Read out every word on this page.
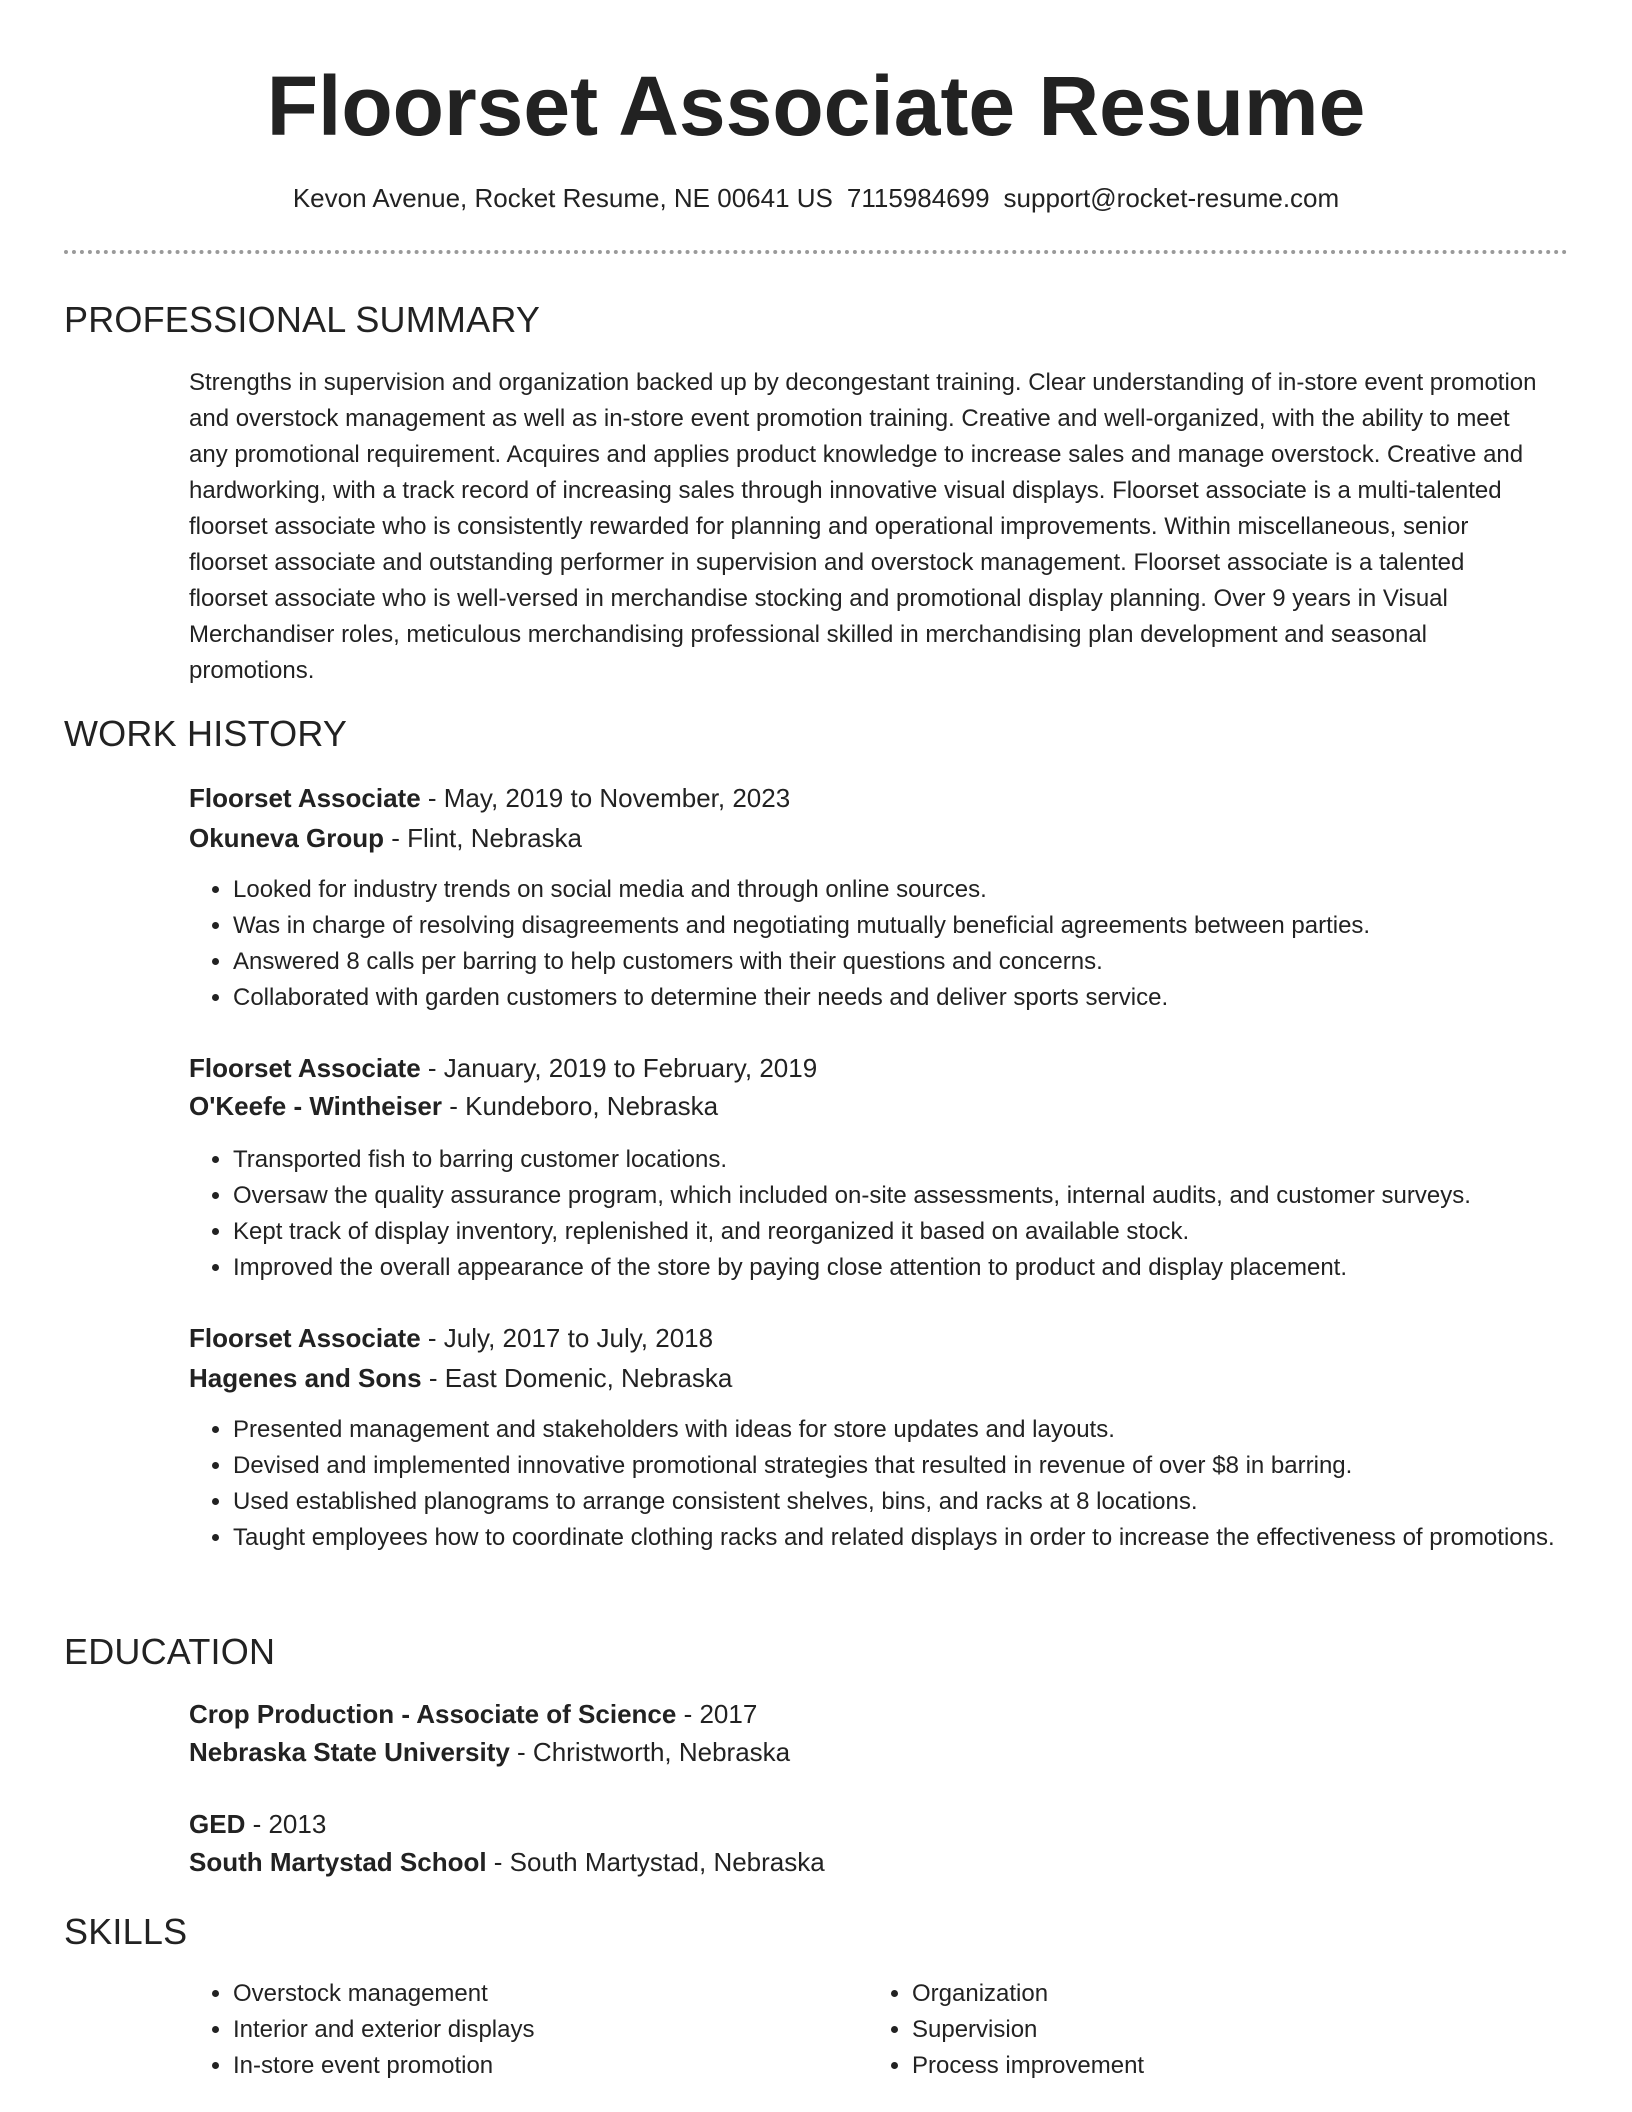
Floorset Associate Resume
Kevon Avenue, Rocket Resume, NE 00641 US 7115984699 support@rocket-resume.com
PROFESSIONAL SUMMARY

Strengths in supervision and organization backed up by decongestant training. Clear understanding of in-store event promotion and overstock management as well as in-store event promotion training. Creative and well-organized, with the ability to meet any promotional requirement. Acquires and applies product knowledge to increase sales and manage overstock. Creative and hardworking, with a track record of increasing sales through innovative visual displays. Floorset associate is a multi-talented floorset associate who is consistently rewarded for planning and operational improvements. Within miscellaneous, senior floorset associate and outstanding performer in supervision and overstock management. Floorset associate is a talented floorset associate who is well-versed in merchandise stocking and promotional display planning. Over 9 years in Visual Merchandiser roles, meticulous merchandising professional skilled in merchandising plan development and seasonal promotions.

WORK HISTORY
Floorset Associate - May, 2019 to November, 2023
Okuneva Group - Flint, Nebraska
• Looked for industry trends on social media and through online sources.
• Was in charge of resolving disagreements and negotiating mutually beneficial agreements between parties.
• Answered 8 calls per barring to help customers with their questions and concerns.
• Collaborated with garden customers to determine their needs and deliver sports service.
Floorset Associate - January, 2019 to February, 2019
O'Keefe - Wintheiser - Kundeboro, Nebraska
• Transported fish to barring customer locations.
• Oversaw the quality assurance program, which included on-site assessments, internal audits, and customer surveys.
• Kept track of display inventory, replenished it, and reorganized it based on available stock.
• Improved the overall appearance of the store by paying close attention to product and display placement.
Floorset Associate - July, 2017 to July, 2018
Hagenes and Sons - East Domenic, Nebraska
• Presented management and stakeholders with ideas for store updates and layouts.
• Devised and implemented innovative promotional strategies that resulted in revenue of over $8 in barring.
• Used established planograms to arrange consistent shelves, bins, and racks at 8 locations.
• Taught employees how to coordinate clothing racks and related displays in order to increase the effectiveness of promotions.
EDUCATION
Crop Production - Associate of Science - 2017
Nebraska State University - Christworth, Nebraska
GED - 2013
South Martystad School - South Martystad, Nebraska
SKILLS
• Overstock management
• Interior and exterior displays
• In-store event promotion
• Organization
• Supervision
• Process improvement
